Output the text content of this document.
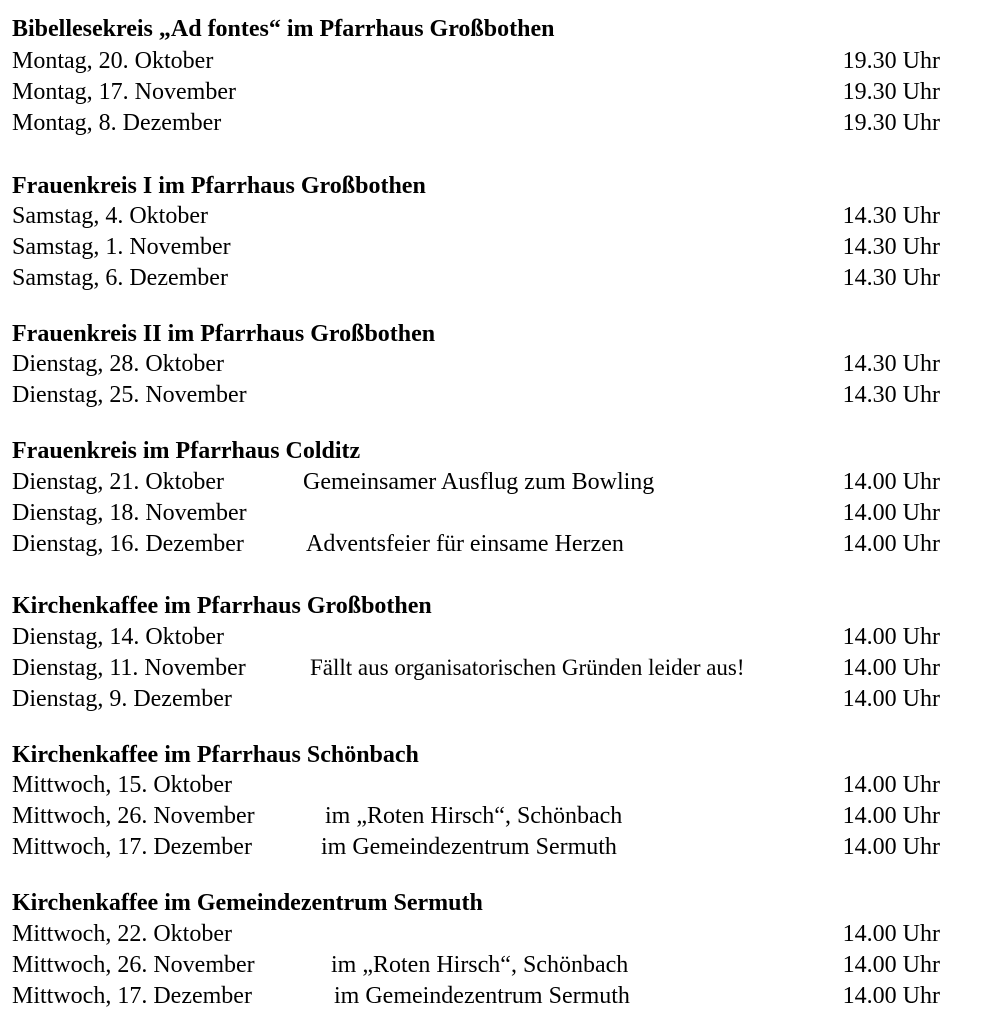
Bibellesekreis „Ad fontes“ im Pfarrhaus Großbothen
Montag, 20. Oktober	19.30 Uhr
Montag, 17. November	19.30 Uhr
Montag, 8. Dezember	19.30 Uhr
Frauenkreis I im Pfarrhaus Großbothen
Samstag, 4. Oktober	14.30 Uhr
Samstag, 1. November	14.30 Uhr
Samstag, 6. Dezember	14.30 Uhr
Frauenkreis II im Pfarrhaus Großbothen
Dienstag, 28. Oktober	14.30 Uhr
Dienstag, 25. November	14.30 Uhr
Frauenkreis im Pfarrhaus Colditz
Dienstag, 21. Oktober	Gemeinsamer Ausflug zum Bowling	14.00 Uhr
Dienstag, 18. November	14.00 Uhr
Dienstag, 16. Dezember	Adventsfeier für einsame Herzen	14.00 Uhr
Kirchenkaffee im Pfarrhaus Großbothen
Dienstag, 14. Oktober	14.00 Uhr
Dienstag, 11. November	Fällt aus organisatorischen Gründen leider aus!	14.00 Uhr
Dienstag, 9. Dezember	14.00 Uhr
Kirchenkaffee im Pfarrhaus Schönbach
Mittwoch, 15. Oktober	14.00 Uhr
Mittwoch, 26. November	im „Roten Hirsch“, Schönbach	14.00 Uhr
Mittwoch, 17. Dezember	im Gemeindezentrum Sermuth	14.00 Uhr
Kirchenkaffee im Gemeindezentrum Sermuth
Mittwoch, 22. Oktober	14.00 Uhr
Mittwoch, 26. November	im „Roten Hirsch“, Schönbach	14.00 Uhr
Mittwoch, 17. Dezember	im Gemeindezentrum Sermuth	14.00 Uhr
